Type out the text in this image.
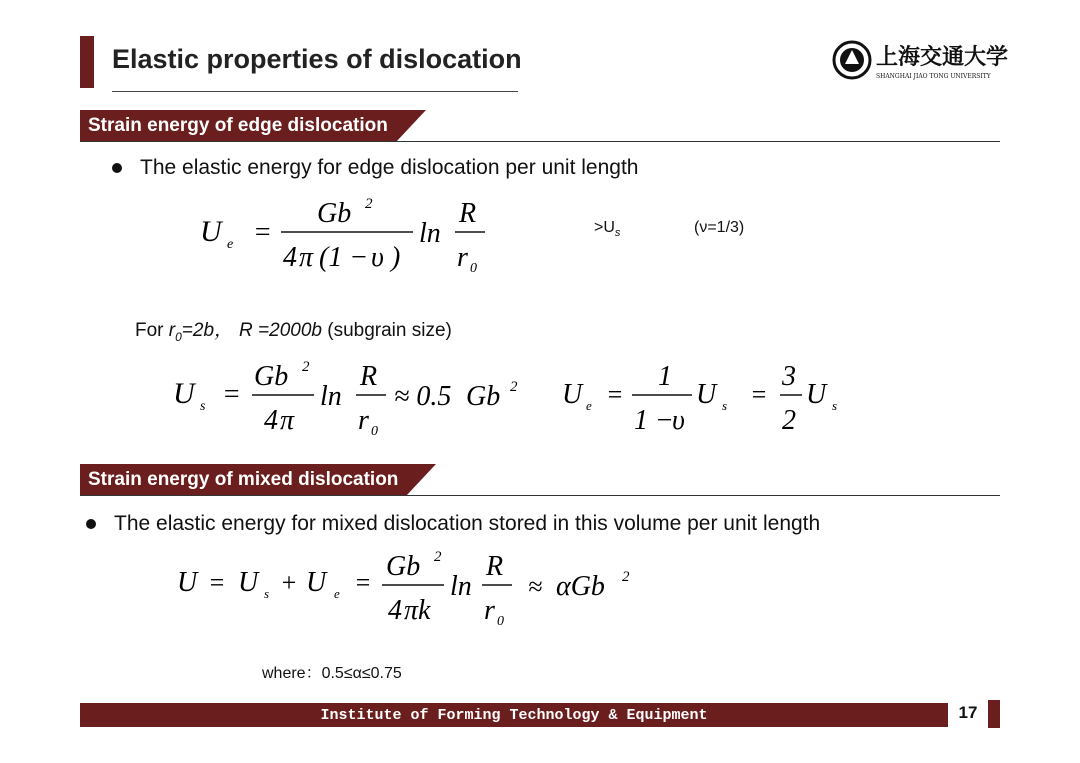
Elastic properties of dislocation	上海交通大学
SHANGHAI JIAO TONG UNIVERSITY
Strain energy of edge dislocation
The elastic energy for edge dislocation per unit length
U e =
Gb 2
4 π (1 − υ )
ln
R
r 0
$>U_s$	(ν=1/3)
For $r_0=2b$， R =2000b (subgrain size)
U s =
Gb 2
4 π
ln
R
r 0
≈ 0.5 Gb 2 U e =
1
1 −
υ
U s =
3
2
U s
Strain energy of mixed dislocation
The elastic energy for mixed dislocation stored in this volume per unit length
U = U s + U e =
Gb 2
4 πk
ln
R
r 0
≈ αGb 2
where：0.5≤α≤0.75
Institute of Forming Technology & Equipment	17
